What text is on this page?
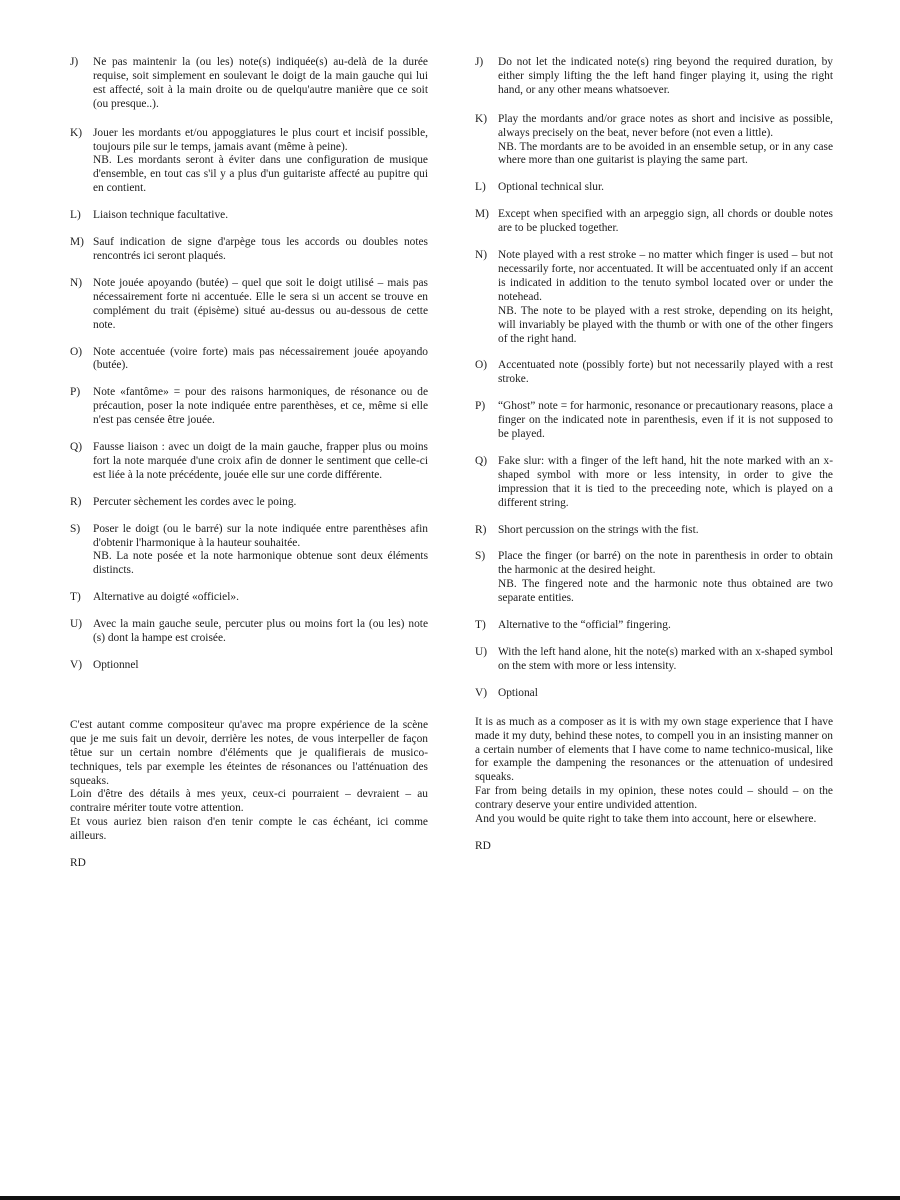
J)	Ne pas maintenir la (ou les) note(s) indiquée(s) au-delà de la durée requise, soit simplement en soulevant le doigt de la main gauche qui lui est affecté, soit à la main droite ou de quelqu'autre manière que ce soit (ou presque..).

K) Jouer les mordants et/ou appoggiatures le plus court et incisif possible, toujours pile sur le temps, jamais avant (même à peine).

NB. Les mordants seront à éviter dans une configuration de musique d'ensemble, en tout cas s'il y a plus d'un guitariste affecté au pupitre qui en contient.

L)	Liaison technique facultative.

M) Sauf indication de signe d'arpège tous les accords ou doubles notes rencontrés ici seront plaqués.

N) Note jouée apoyando (butée) – quel que soit le doigt utilisé – mais pas nécessairement forte ni accentuée. Elle le sera si un accent se trouve en complément du trait (épisème) situé au-dessus ou au-dessous de cette note.

O) Note accentuée (voire forte) mais pas nécessairement jouée apoyando (butée).

P)	Note «fantôme» = pour des raisons harmoniques, de résonance ou de précaution, poser la note indiquée entre parenthèses, et ce, même si elle n'est pas censée être jouée.

Q) Fausse liaison : avec un doigt de la main gauche, frapper plus ou moins fort la note marquée d'une croix afin de donner le sentiment que celle-ci est liée à la note précédente, jouée elle sur une corde différente.

R)	Percuter sèchement les cordes avec le poing.

S)	Poser le doigt (ou le barré) sur la note indiquée entre parenthèses afin d'obtenir l'harmonique à la hauteur souhaitée.

NB. La note posée et la note harmonique obtenue sont deux éléments distincts.

T)	Alternative au doigté «officiel».

U) Avec la main gauche seule, percuter plus ou moins fort la (ou les) note (s) dont la hampe est croisée.

V) Optionnel

C'est autant comme compositeur qu'avec ma propre expérience de la scène que je me suis fait un devoir, derrière les notes, de vous interpeller de façon têtue sur un certain nombre d'éléments que je qualifierais de musico-techniques, tels par exemple les éteintes de résonances ou l'atténuation des squeaks.

Loin d'être des détails à mes yeux, ceux-ci pourraient – devraient – au contraire mériter toute votre attention.

Et vous auriez bien raison d'en tenir compte le cas échéant, ici comme ailleurs.

RD

J)	Do not let the indicated note(s) ring beyond the required duration, by either simply lifting the the left hand finger playing it, using the right hand, or any other means whatsoever.

K) Play the mordants and/or grace notes as short and incisive as possible, always precisely on the beat, never before (not even a little).

NB. The mordants are to be avoided in an ensemble setup, or in any case where more than one guitarist is playing the same part.

L)	Optional technical slur.

M) Except when specified with an arpeggio sign, all chords or double notes are to be plucked together.

N) Note played with a rest stroke – no matter which finger is used – but not necessarily forte, nor accentuated. It will be accentuated only if an accent is indicated in addition to the tenuto symbol located over or under the notehead.

NB. The note to be played with a rest stroke, depending on its height, will invariably be played with the thumb or with one of the other fingers of the right hand.

O) Accentuated note (possibly forte) but not necessarily played with a rest stroke.

P)	“Ghost” note = for harmonic, resonance or precautionary reasons, place a finger on the indicated note in parenthesis, even if it is not supposed to be played.

Q) Fake slur: with a finger of the left hand, hit the note marked with an x-shaped symbol with more or less intensity, in order to give the impression that it is tied to the preceeding note, which is played on a different string.

R)	Short percussion on the strings with the fist.

S)	Place the finger (or barré) on the note in parenthesis in order to obtain the harmonic at the desired height.

NB. The fingered note and the harmonic note thus obtained are two separate entities.

T)	Alternative to the “official” fingering.

U) With the left hand alone, hit the note(s) marked with an x-shaped symbol on the stem with more or less intensity.

V) Optional

It is as much as a composer as it is with my own stage experience that I have made it my duty, behind these notes, to compell you in an insisting manner on a certain number of elements that I have come to name technico-musical, like for example the dampening the resonances or the attenuation of undesired squeaks.

Far from being details in my opinion, these notes could – should – on the contrary deserve your entire undivided attention.

And you would be quite right to take them into account, here or elsewhere.

RD
